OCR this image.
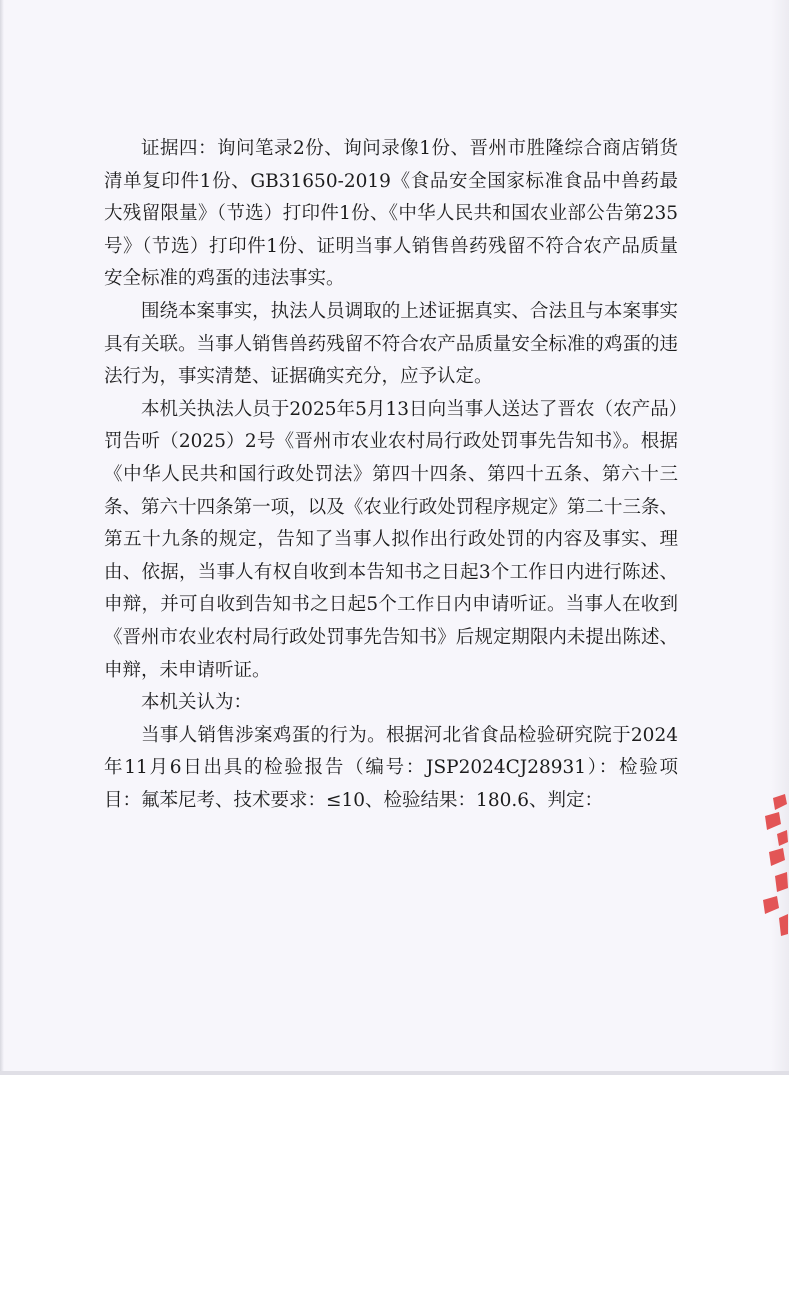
证据四：询问笔录2份、询问录像1份、晋州市胜隆综合商店销货清单复印件1份、GB31650-2019《食品安全国家标准食品中兽药最大残留限量》（节选）打印件1份、《中华人民共和国农业部公告第235号》（节选）打印件1份、证明当事人销售兽药残留不符合农产品质量安全标准的鸡蛋的违法事实。

围绕本案事实，执法人员调取的上述证据真实、合法且与本案事实具有关联。当事人销售兽药残留不符合农产品质量安全标准的鸡蛋的违法行为，事实清楚、证据确实充分，应予认定。

本机关执法人员于2025年5月13日向当事人送达了晋农（农产品）罚告听（2025）2号《晋州市农业农村局行政处罚事先告知书》。根据《中华人民共和国行政处罚法》第四十四条、第四十五条、第六十三条、第六十四条第一项，以及《农业行政处罚程序规定》第二十三条、第五十九条的规定，告知了当事人拟作出行政处罚的内容及事实、理由、依据，当事人有权自收到本告知书之日起3个工作日内进行陈述、申辩，并可自收到告知书之日起5个工作日内申请听证。当事人在收到《晋州市农业农村局行政处罚事先告知书》后规定期限内未提出陈述、申辩，未申请听证。

本机关认为：

当事人销售涉案鸡蛋的行为。根据河北省食品检验研究院于2024年11月6日出具的检验报告（编号：JSP2024CJ28931）：检验项目：氟苯尼考、技术要求：≤10、检验结果：180.6、判定：
